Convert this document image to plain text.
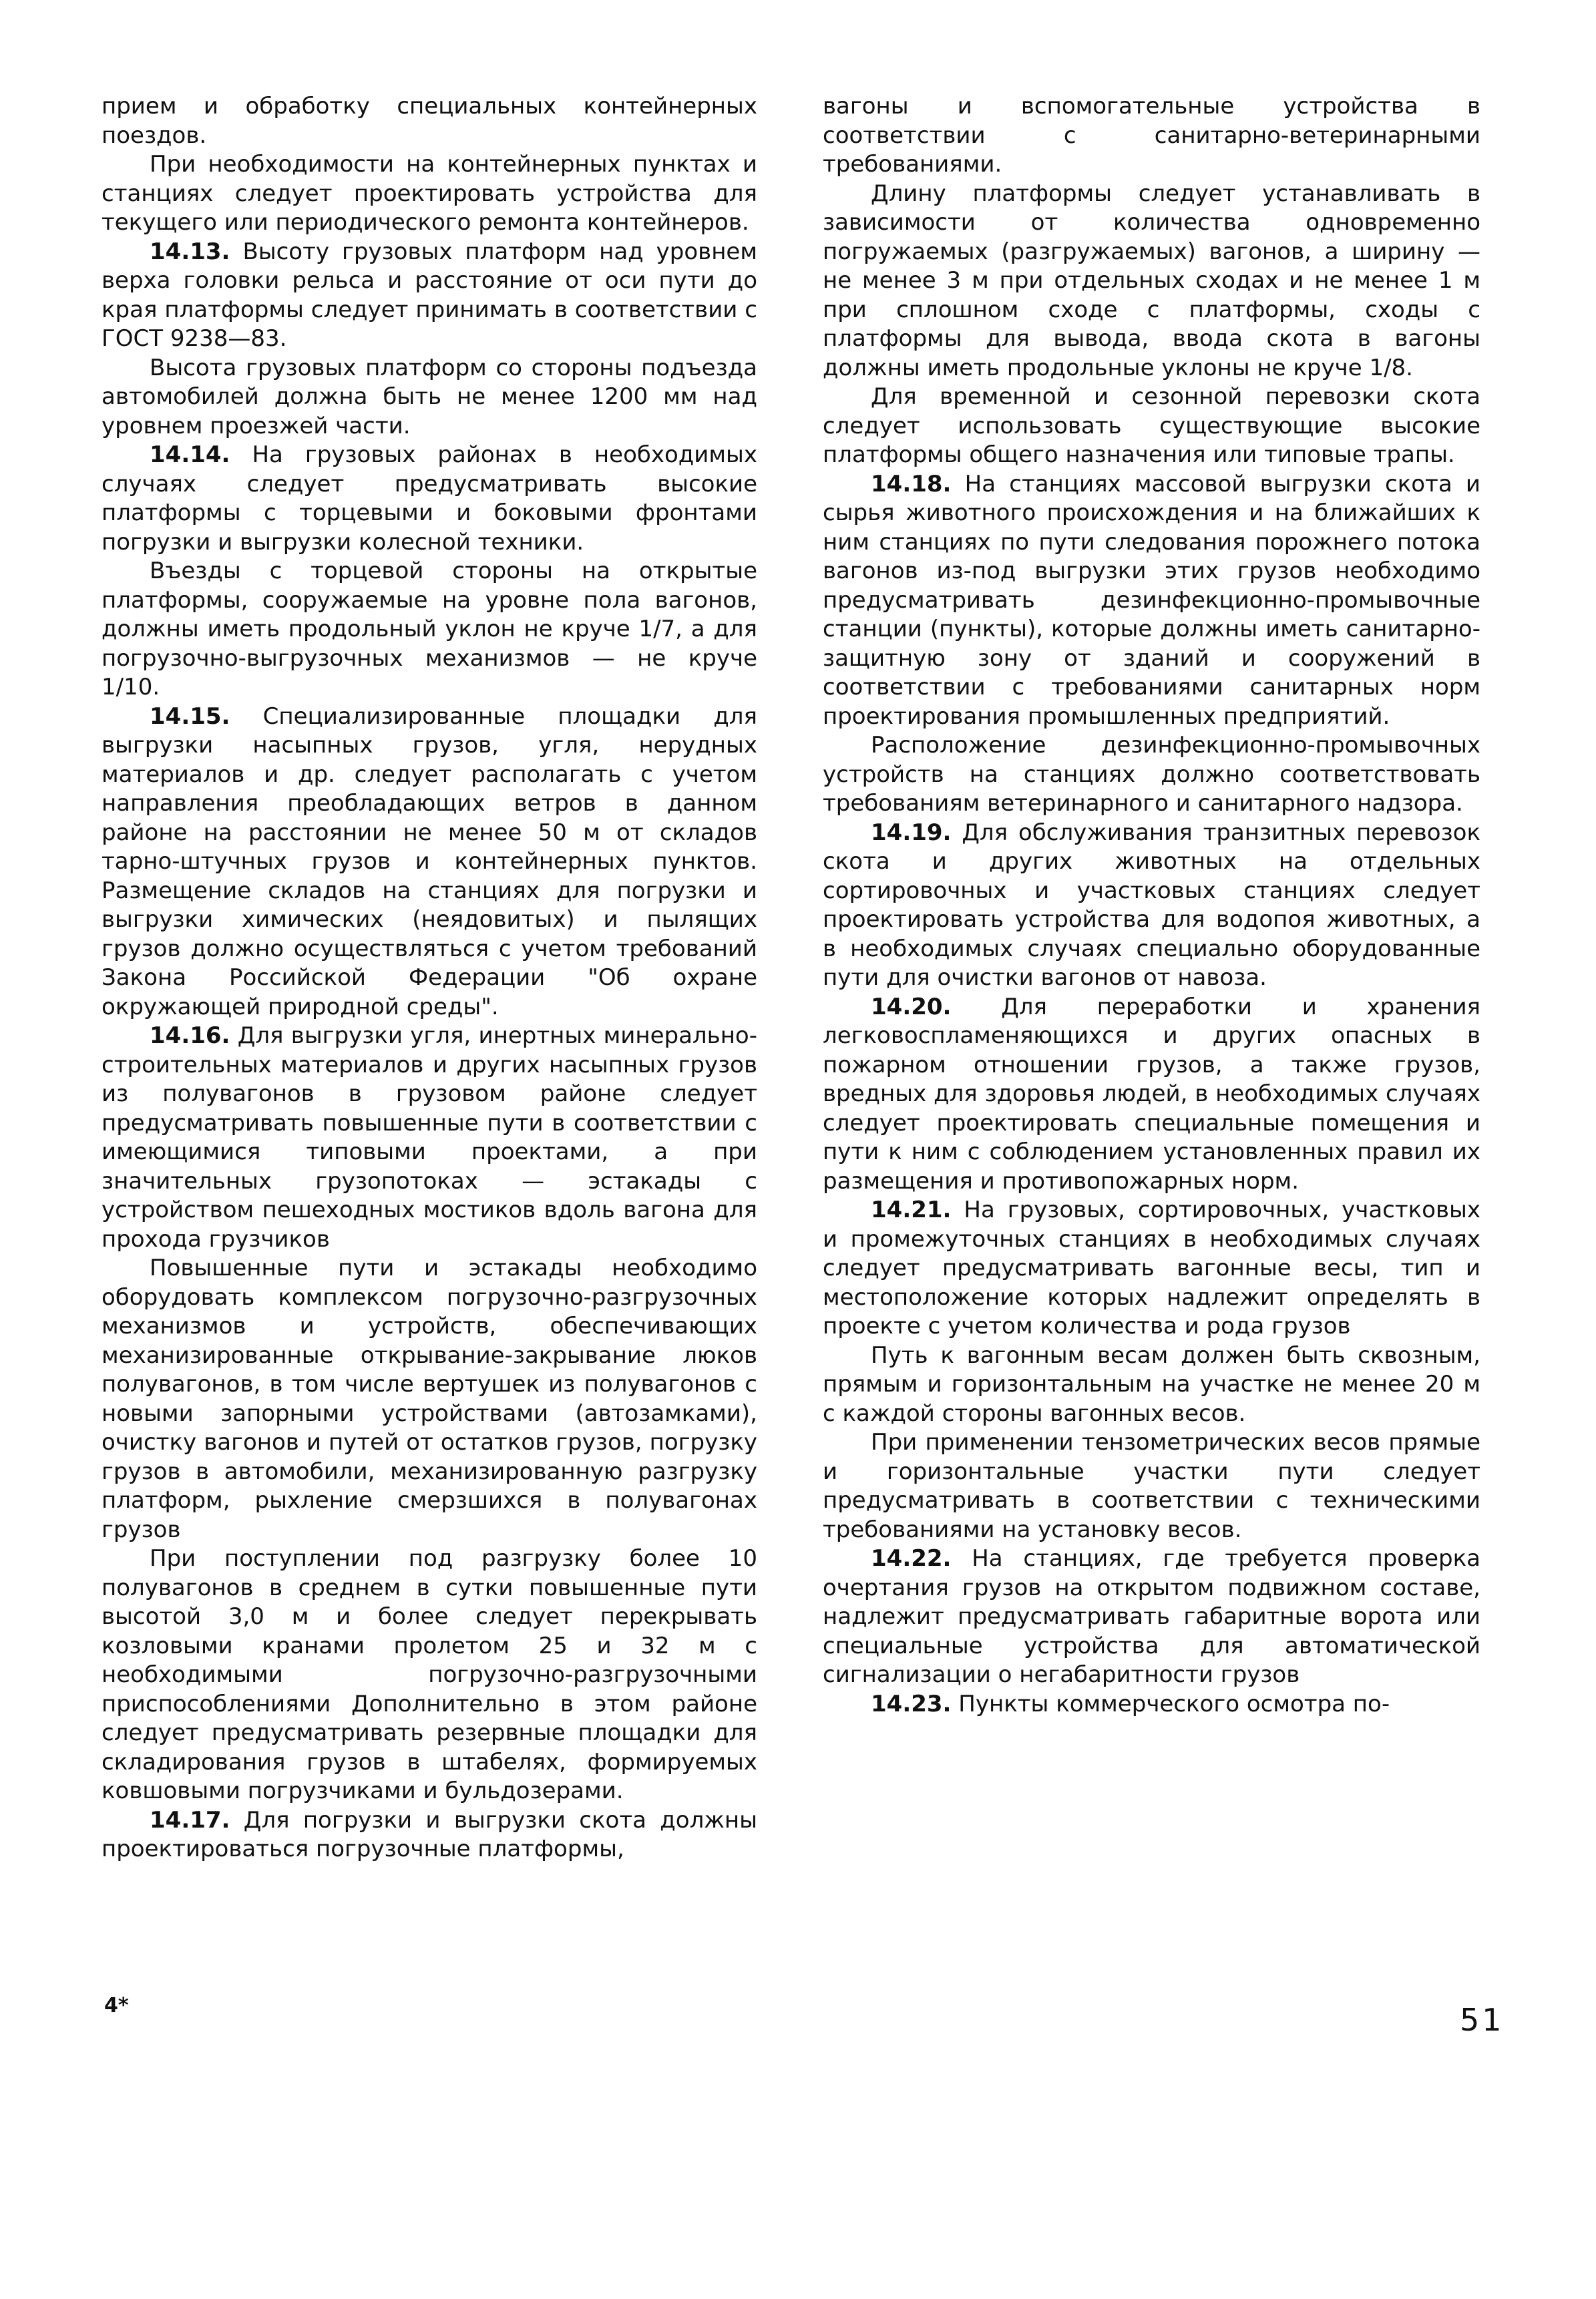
прием и обработку специальных контейнерных поездов.

При необходимости на контейнерных пунктах и станциях следует проектировать устройства для текущего или периодического ремонта контейнеров.

14.13. Высоту грузовых платформ над уровнем верха головки рельса и расстояние от оси пути до края платформы следует принимать в соответствии с ГОСТ 9238—83.

Высота грузовых платформ со стороны подъезда автомобилей должна быть не менее 1200 мм над уровнем проезжей части.

14.14. На грузовых районах в необходимых случаях следует предусматривать высокие платформы с торцевыми и боковыми фронтами погрузки и выгрузки колесной техники.

Въезды с торцевой стороны на открытые платформы, сооружаемые на уровне пола вагонов, должны иметь продольный уклон не круче 1/7, а для погрузочно-выгрузочных механизмов — не круче 1/10.

14.15. Специализированные площадки для выгрузки насыпных грузов, угля, нерудных материалов и др. следует располагать с учетом направления преобладающих ветров в данном районе на расстоянии не менее 50 м от складов тарно-штучных грузов и контейнерных пунктов. Размещение складов на станциях для погрузки и выгрузки химических (неядовитых) и пылящих грузов должно осуществляться с учетом требований Закона Российской Федерации "Об охране окружающей природной среды".

14.16. Для выгрузки угля, инертных минерально-строительных материалов и других насыпных грузов из полувагонов в грузовом районе следует предусматривать повышенные пути в соответствии с имеющимися типовыми проектами, а при значительных грузопотоках — эстакады с устройством пешеходных мостиков вдоль вагона для прохода грузчиков

Повышенные пути и эстакады необходимо оборудовать комплексом погрузочно-разгрузочных механизмов и устройств, обеспечивающих механизированные открывание-закрывание люков полувагонов, в том числе вертушек из полувагонов с новыми запорными устройствами (автозамками), очистку вагонов и путей от остатков грузов, погрузку грузов в автомобили, механизированную разгрузку платформ, рыхление смерзшихся в полувагонах грузов

При поступлении под разгрузку более 10 полувагонов в среднем в сутки повышенные пути высотой 3,0 м и более следует перекрывать козловыми кранами пролетом 25 и 32 м с необходимыми погрузочно-разгрузочными приспособлениями Дополнительно в этом районе следует предусматривать резервные площадки для складирования грузов в штабелях, формируемых ковшовыми погрузчиками и бульдозерами.

14.17. Для погрузки и выгрузки скота должны проектироваться погрузочные платформы,

вагоны и вспомогательные устройства в соответствии с санитарно-ветеринарными требованиями.

Длину платформы следует устанавливать в зависимости от количества одновременно погружаемых (разгружаемых) вагонов, а ширину — не менее 3 м при отдельных сходах и не менее 1 м при сплошном сходе с платформы, сходы с платформы для вывода, ввода скота в вагоны должны иметь продольные уклоны не круче 1/8.

Для временной и сезонной перевозки скота следует использовать существующие высокие платформы общего назначения или типовые трапы.

14.18. На станциях массовой выгрузки скота и сырья животного происхождения и на ближайших к ним станциях по пути следования порожнего потока вагонов из-под выгрузки этих грузов необходимо предусматривать дезинфекционно-промывочные станции (пункты), которые должны иметь санитарно-защитную зону от зданий и сооружений в соответствии с требованиями санитарных норм проектирования промышленных предприятий.

Расположение дезинфекционно-промывочных устройств на станциях должно соответствовать требованиям ветеринарного и санитарного надзора.

14.19. Для обслуживания транзитных перевозок скота и других животных на отдельных сортировочных и участковых станциях следует проектировать устройства для водопоя животных, а в необходимых случаях специально оборудованные пути для очистки вагонов от навоза.

14.20. Для переработки и хранения легковоспламеняющихся и других опасных в пожарном отношении грузов, а также грузов, вредных для здоровья людей, в необходимых случаях следует проектировать специальные помещения и пути к ним с соблюдением установленных правил их размещения и противопожарных норм.

14.21. На грузовых, сортировочных, участковых и промежуточных станциях в необходимых случаях следует предусматривать вагонные весы, тип и местоположение которых надлежит определять в проекте с учетом количества и рода грузов

Путь к вагонным весам должен быть сквозным, прямым и горизонтальным на участке не менее 20 м с каждой стороны вагонных весов.

При применении тензометрических весов прямые и горизонтальные участки пути следует предусматривать в соответствии с техническими требованиями на установку весов.

14.22. На станциях, где требуется проверка очертания грузов на открытом подвижном составе, надлежит предусматривать габаритные ворота или специальные устройства для автоматической сигнализации о негабаритности грузов

14.23. Пункты коммерческого осмотра по-

4*	51
